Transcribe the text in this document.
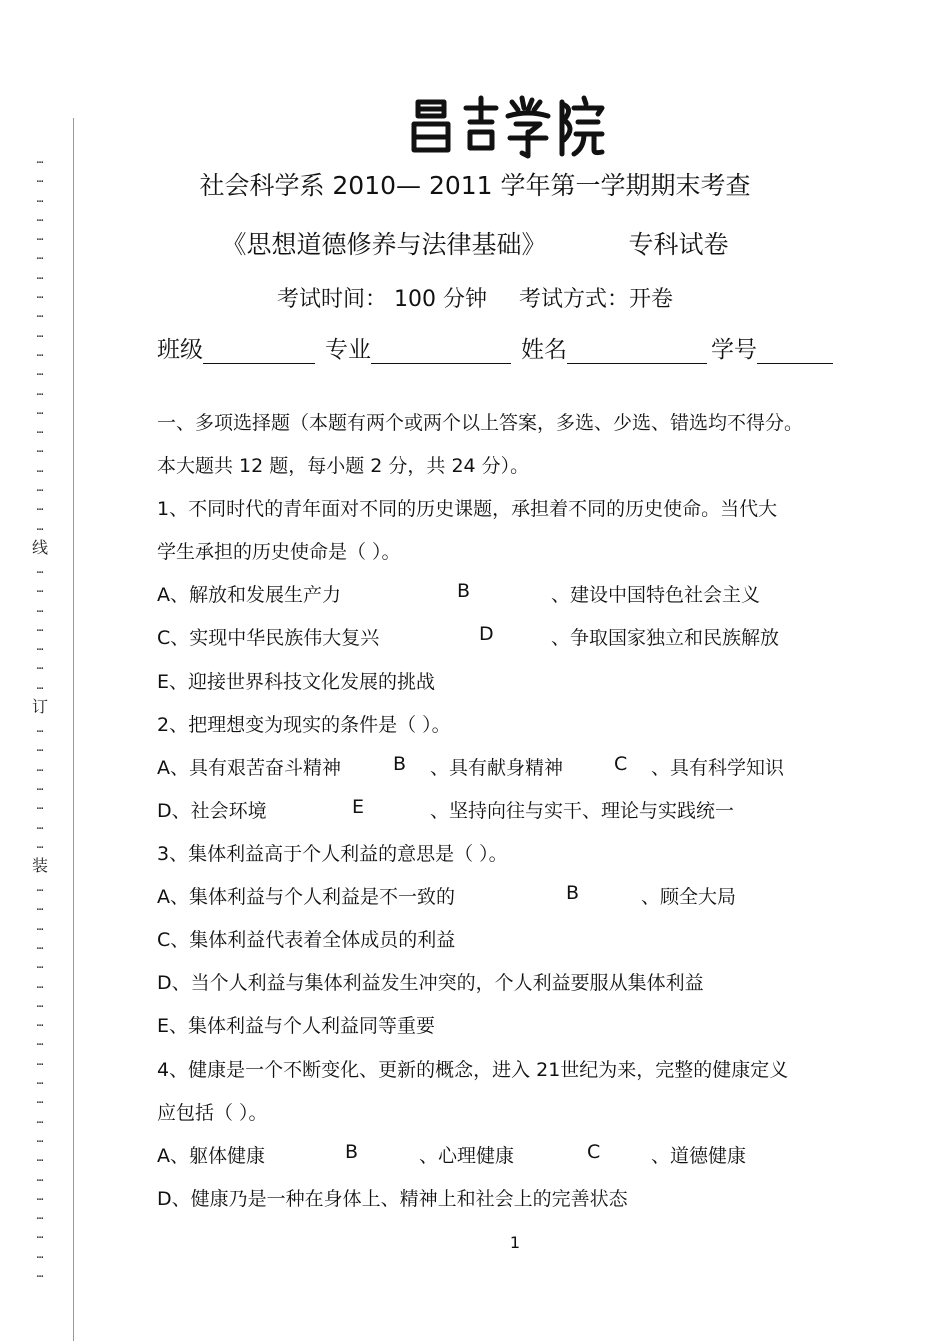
…
…
…
…
…
…
…
…
…
…
…
…
…
…
…
…
…
…
…
…
线
…
…
…
…
…
…
…
订
…
…
…
…
…
…
…
装
…
…
…
…
…
…
…
…
…
…
…
…
…
…
…
…
…
…
…
…
…
社会科学系 2010— 2011 学年第一学期期末考查
《思想道德修养与法律基础》	专科试卷
考试时间： 100 分钟 考试方式：开卷
班级	专业	姓名	学号
一、多项选择题（本题有两个或两个以上答案，多选、少选、错选均不得分。
本大题共 12 题，每小题 2 分，共 24 分）。
1、不同时代的青年面对不同的历史课题，承担着不同的历史使命。当代大
学生承担的历史使命是（ ）。
A、解放和发展生产力	B	、建设中国特色社会主义
C、实现中华民族伟大复兴	D	、争取国家独立和民族解放
E、迎接世界科技文化发展的挑战
2、把理想变为现实的条件是（ ）。
A、具有艰苦奋斗精神	B 、具有献身精神	C 、具有科学知识
D、社会环境	E	、坚持向往与实干、理论与实践统一
3、集体利益高于个人利益的意思是（ ）。
A、集体利益与个人利益是不一致的	B	、顾全大局
C、集体利益代表着全体成员的利益
D、当个人利益与集体利益发生冲突的，个人利益要服从集体利益
E、集体利益与个人利益同等重要
4、健康是一个不断变化、更新的概念，进入 21世纪为来，完整的健康定义
应包括（ ）。
A、躯体健康	B	、心理健康	C	、道德健康
D、健康乃是一种在身体上、精神上和社会上的完善状态
1
